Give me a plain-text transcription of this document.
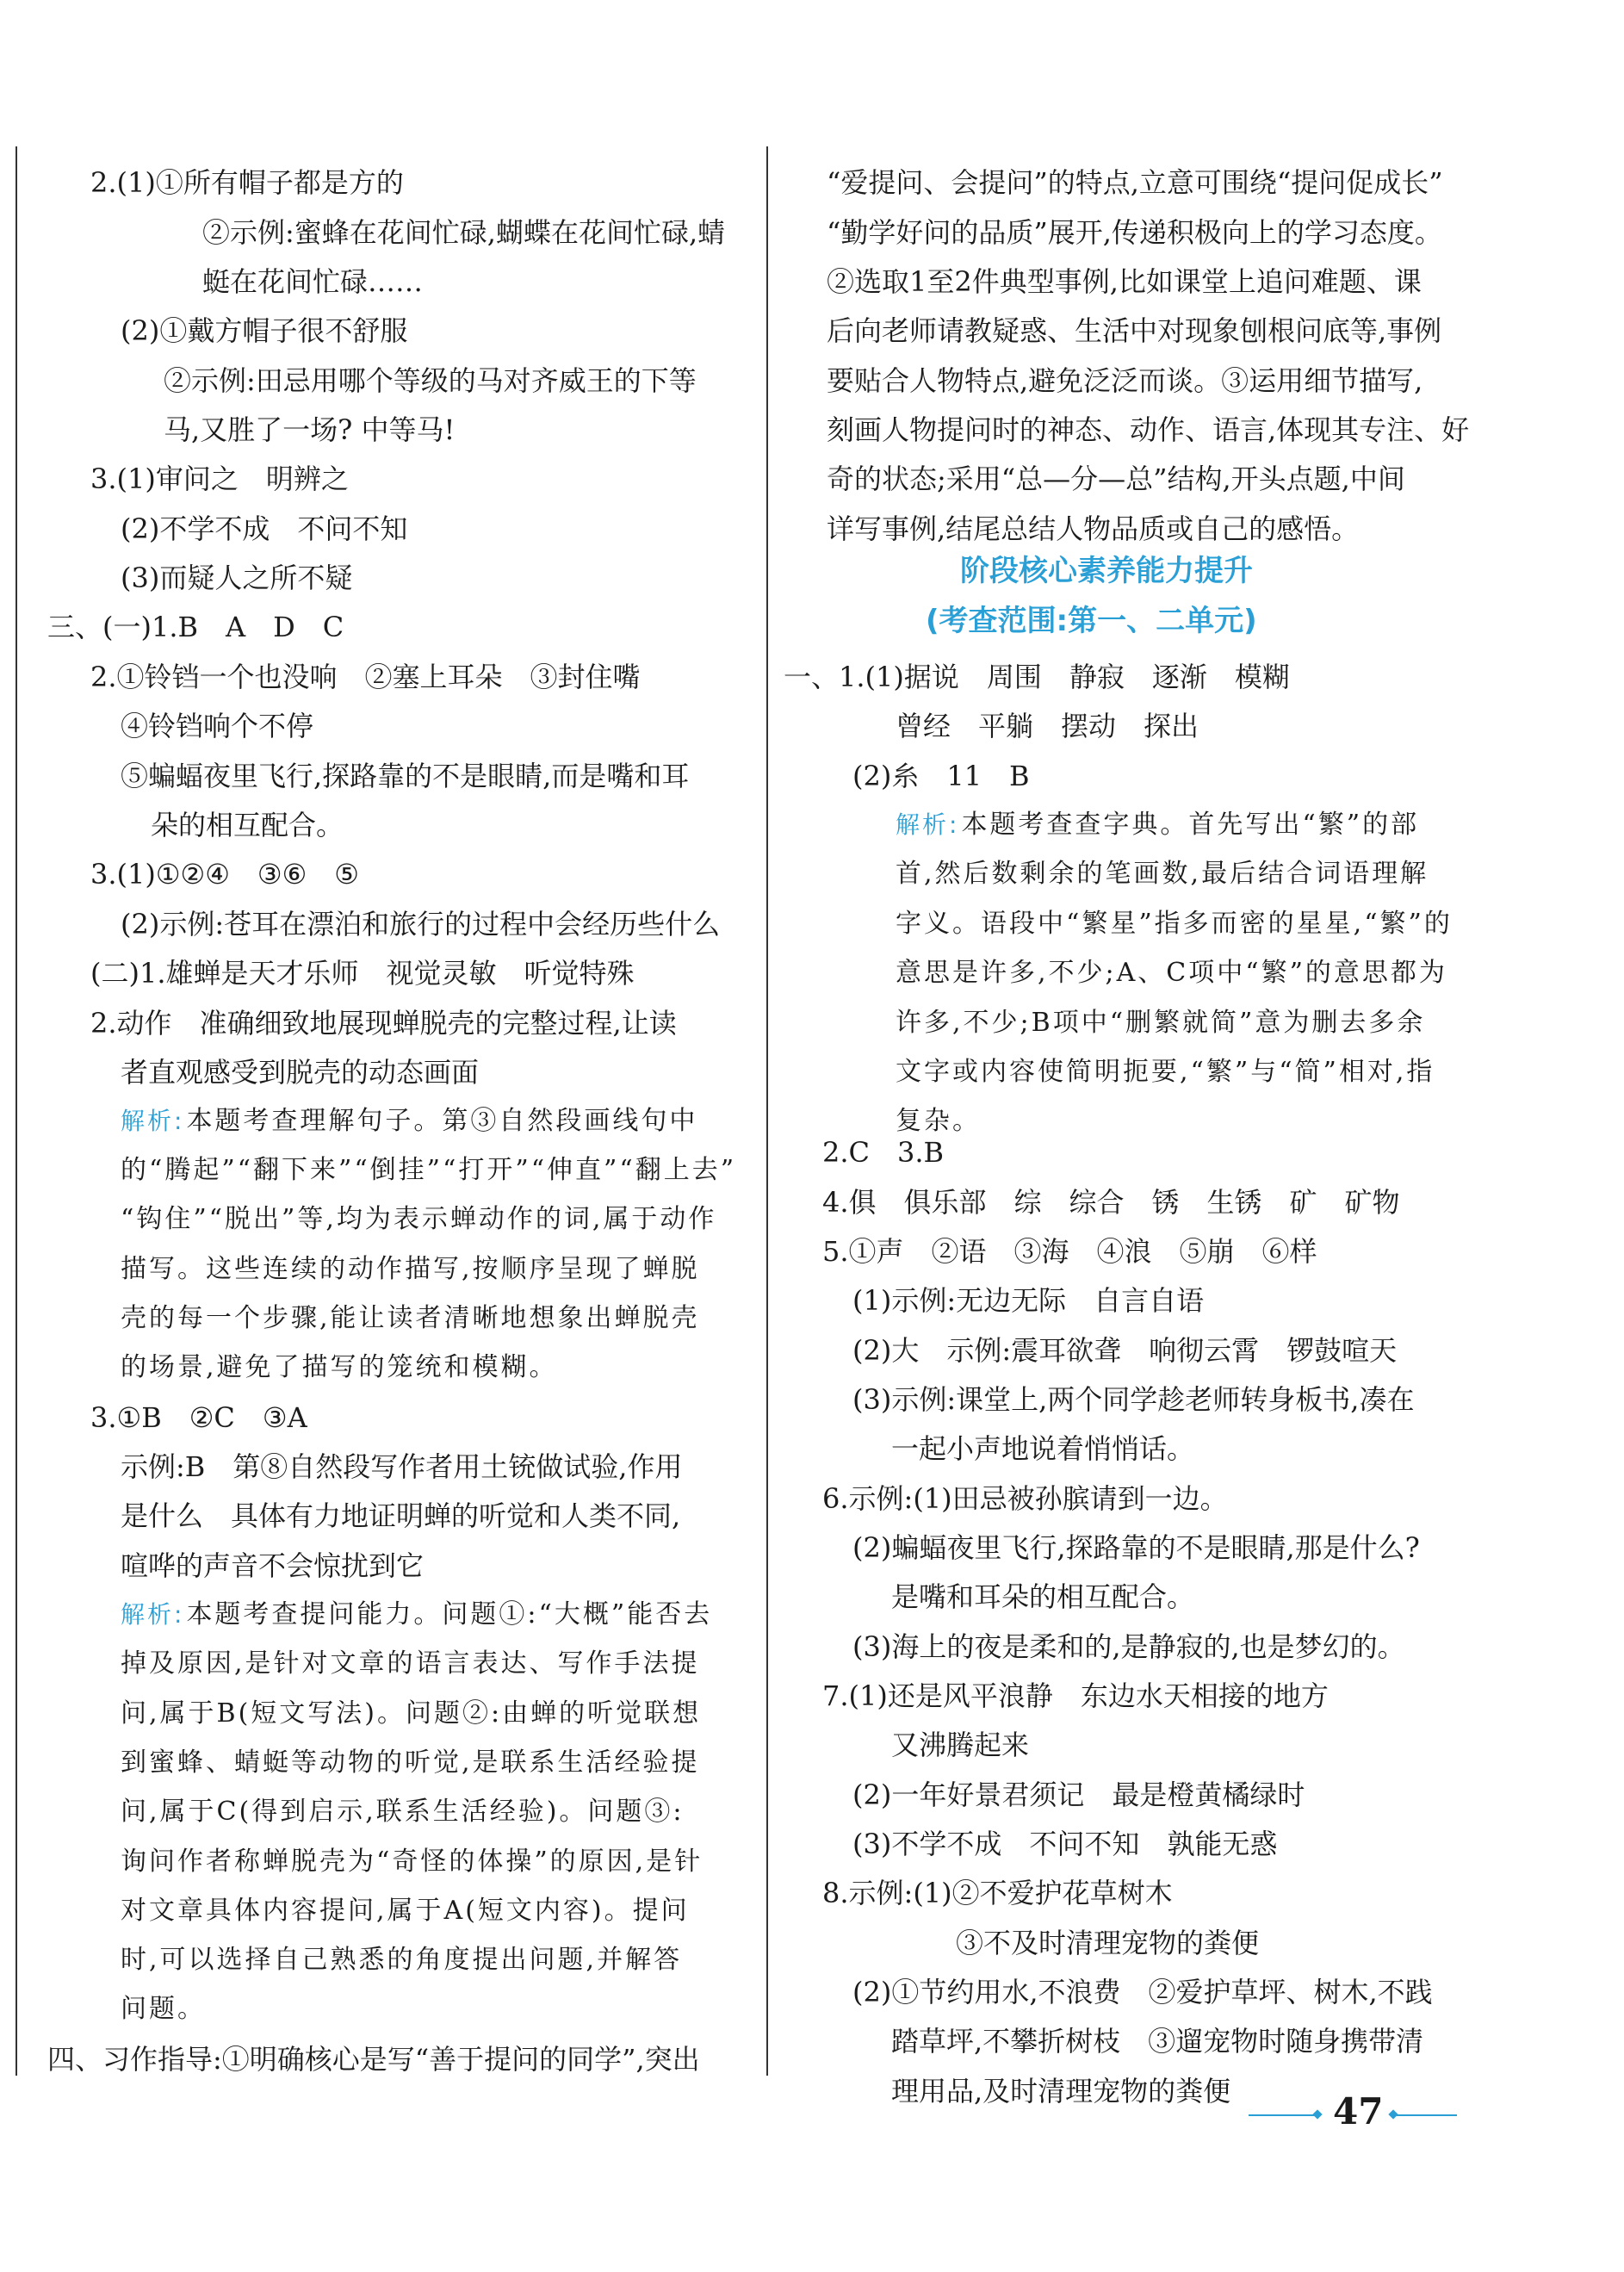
2.(1)①所有帽子都是方的
②示例:蜜蜂在花间忙碌,蝴蝶在花间忙碌,蜻
蜓在花间忙碌……
(2)①戴方帽子很不舒服
②示例:田忌用哪个等级的马对齐威王的下等
马,又胜了一场? 中等马!
3.(1)审问之　明辨之
(2)不学不成　不问不知
(3)而疑人之所不疑
三、(一)1.B　A　D　C
2.①铃铛一个也没响　②塞上耳朵　③封住嘴
④铃铛响个不停
⑤蝙蝠夜里飞行,探路靠的不是眼睛,而是嘴和耳
朵的相互配合。
3.(1)①②④　③⑥　⑤
(2)示例:苍耳在漂泊和旅行的过程中会经历些什么
(二)1.雄蝉是天才乐师　视觉灵敏　听觉特殊
2.动作　准确细致地展现蝉脱壳的完整过程,让读
者直观感受到脱壳的动态画面
解析:本题考查理解句子。第③自然段画线句中
的“腾起”“翻下来”“倒挂”“打开”“伸直”“翻上去”
“钩住”“脱出”等,均为表示蝉动作的词,属于动作
描写。这些连续的动作描写,按顺序呈现了蝉脱
壳的每一个步骤,能让读者清晰地想象出蝉脱壳
的场景,避免了描写的笼统和模糊。
3.①B　②C　③A
示例:B　第⑧自然段写作者用土铳做试验,作用
是什么　具体有力地证明蝉的听觉和人类不同,
喧哗的声音不会惊扰到它
解析:本题考查提问能力。问题①:“大概”能否去
掉及原因,是针对文章的语言表达、写作手法提
问,属于B(短文写法)。问题②:由蝉的听觉联想
到蜜蜂、蜻蜓等动物的听觉,是联系生活经验提
问,属于C(得到启示,联系生活经验)。问题③:
询问作者称蝉脱壳为“奇怪的体操”的原因,是针
对文章具体内容提问,属于A(短文内容)。提问
时,可以选择自己熟悉的角度提出问题,并解答
问题。
四、习作指导:①明确核心是写“善于提问的同学”,突出
“爱提问、会提问”的特点,立意可围绕“提问促成长”
“勤学好问的品质”展开,传递积极向上的学习态度。
②选取1至2件典型事例,比如课堂上追问难题、课
后向老师请教疑惑、生活中对现象刨根问底等,事例
要贴合人物特点,避免泛泛而谈。③运用细节描写,
刻画人物提问时的神态、动作、语言,体现其专注、好
奇的状态;采用“总—分—总”结构,开头点题,中间
详写事例,结尾总结人物品质或自己的感悟。
一、1.(1)据说　周围　静寂　逐渐　模糊
曾经　平躺　摆动　探出
(2)糸　11　B
解析:本题考查查字典。首先写出“繁”的部
首,然后数剩余的笔画数,最后结合词语理解
字义。语段中“繁星”指多而密的星星,“繁”的
意思是许多,不少;A、C项中“繁”的意思都为
许多,不少;B项中“删繁就简”意为删去多余
文字或内容使简明扼要,“繁”与“简”相对,指
复杂。
2.C　3.B
4.俱　俱乐部　综　综合　锈　生锈　矿　矿物
5.①声　②语　③海　④浪　⑤崩　⑥样
(1)示例:无边无际　自言自语
(2)大　示例:震耳欲聋　响彻云霄　锣鼓喧天
(3)示例:课堂上,两个同学趁老师转身板书,凑在
一起小声地说着悄悄话。
6.示例:(1)田忌被孙膑请到一边。
(2)蝙蝠夜里飞行,探路靠的不是眼睛,那是什么?
是嘴和耳朵的相互配合。
(3)海上的夜是柔和的,是静寂的,也是梦幻的。
7.(1)还是风平浪静　东边水天相接的地方
又沸腾起来
(2)一年好景君须记　最是橙黄橘绿时
(3)不学不成　不问不知　孰能无惑
8.示例:(1)②不爱护花草树木
③不及时清理宠物的粪便
(2)①节约用水,不浪费　②爱护草坪、树木,不践
踏草坪,不攀折树枝　③遛宠物时随身携带清
理用品,及时清理宠物的粪便
阶段核心素养能力提升
(考查范围:第一、二单元)
47
